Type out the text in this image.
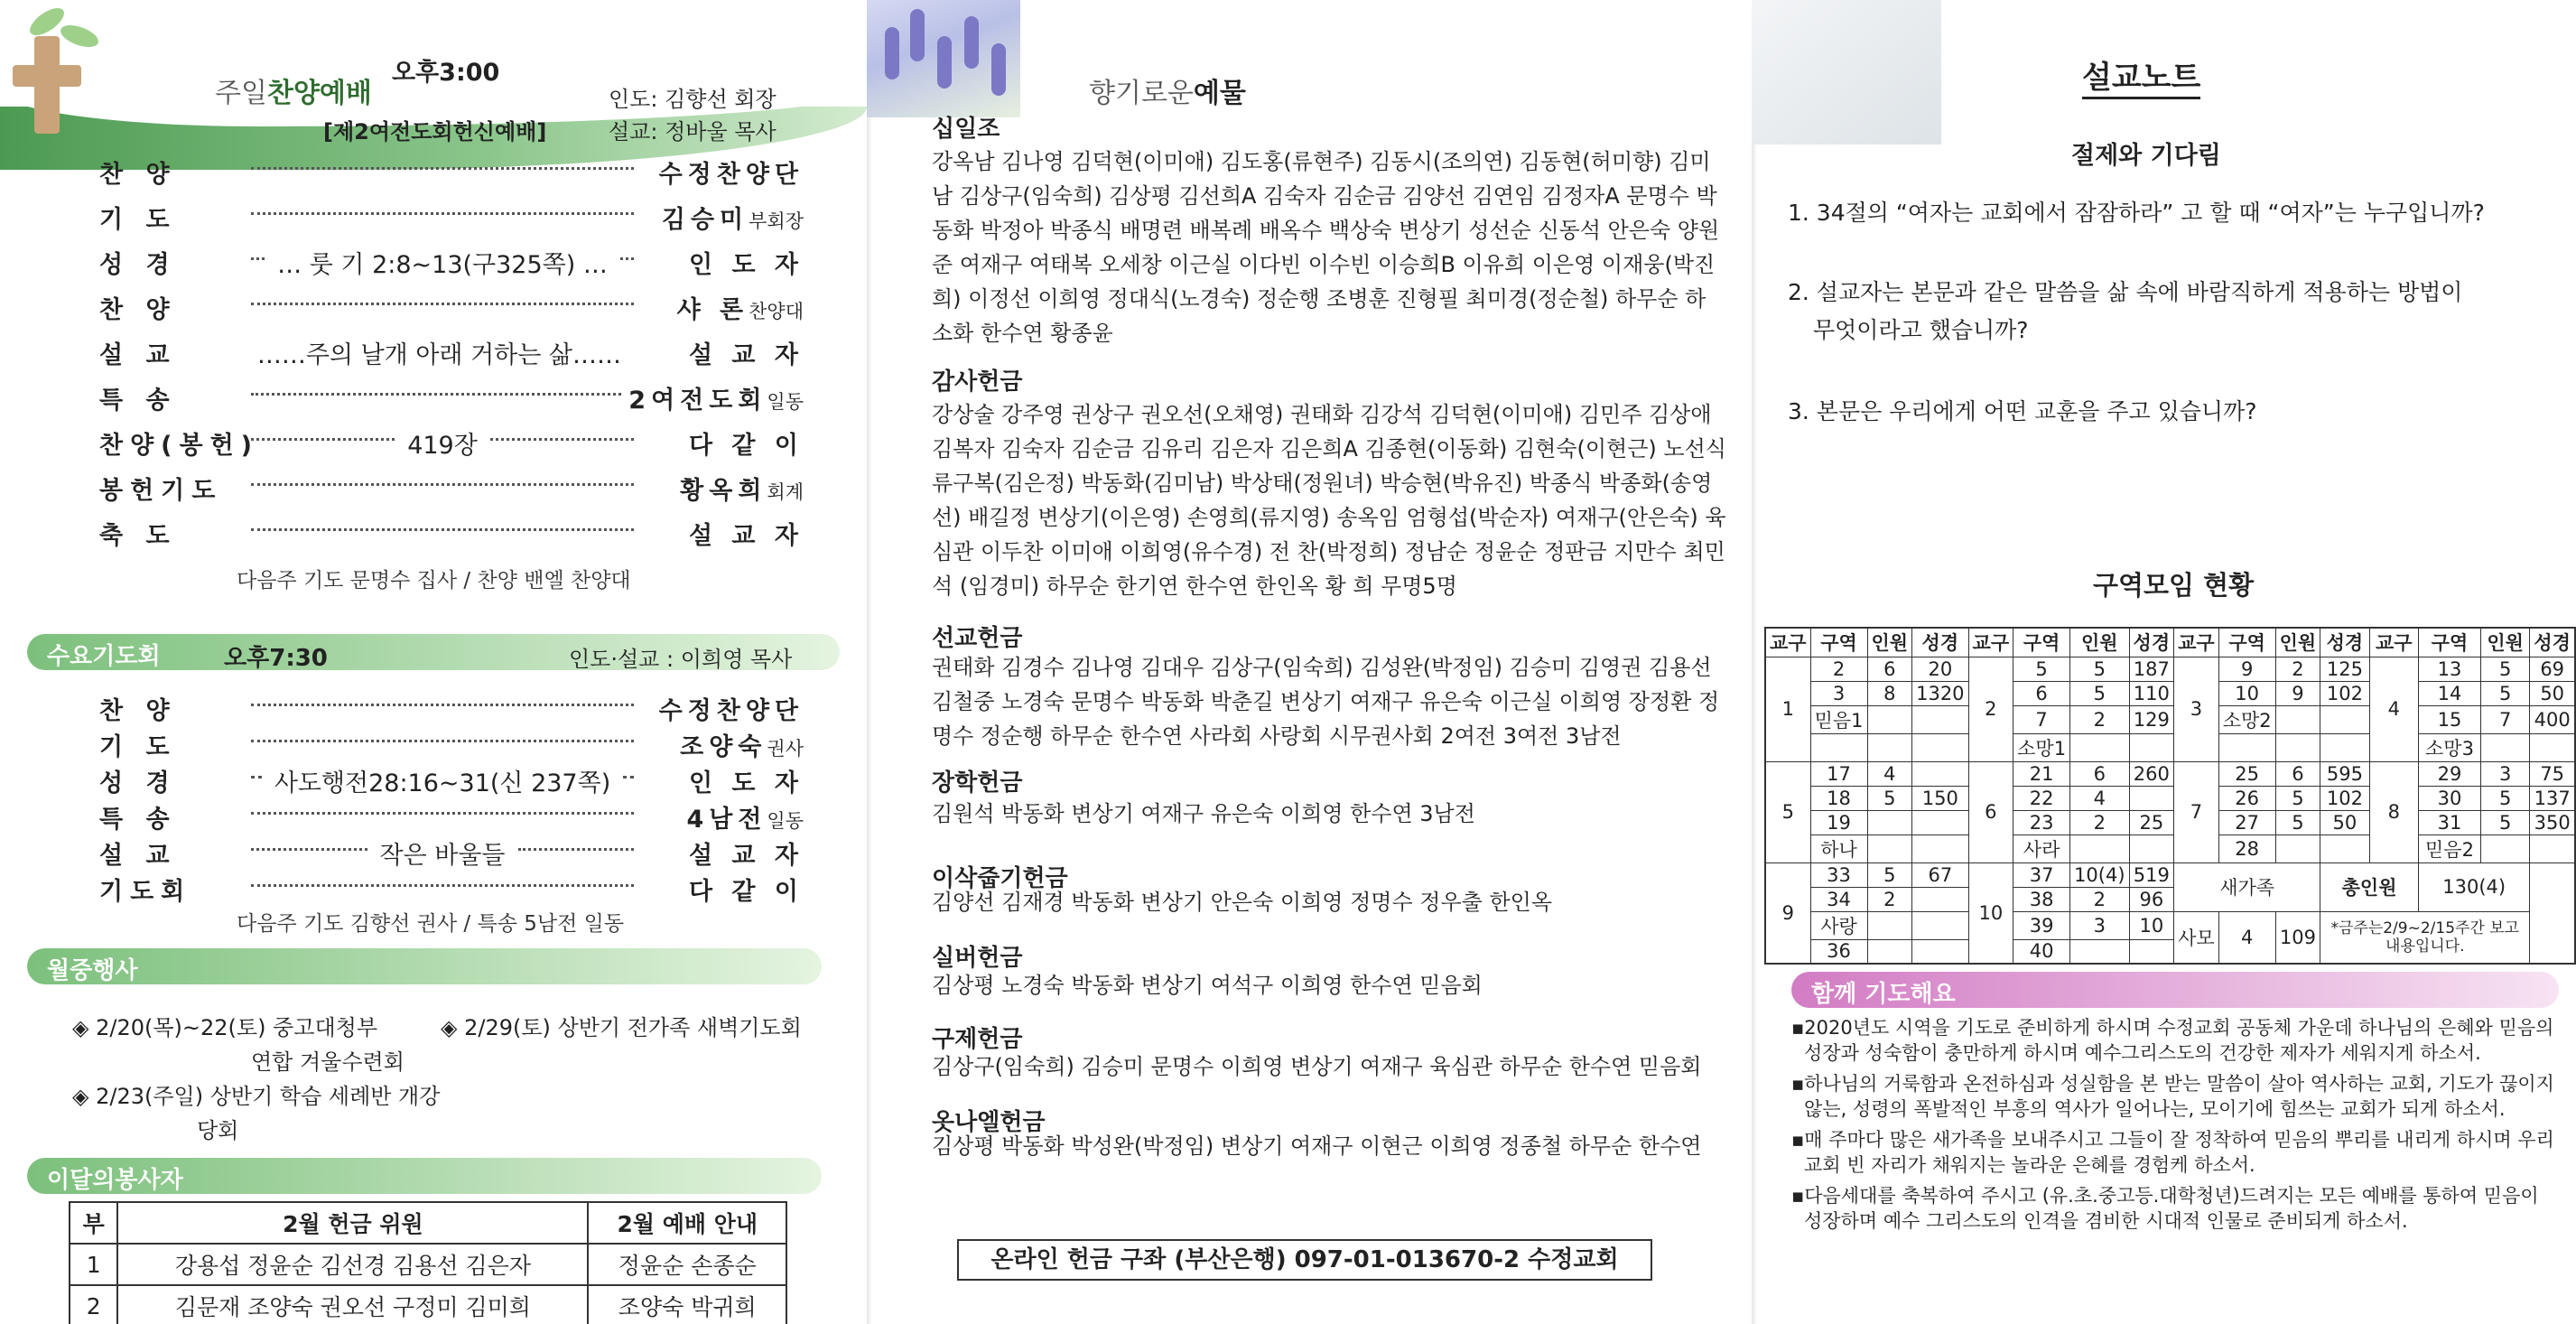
주일찬양예배
오후3:00
인도: 김향선 회장
[제2여전도회헌신예배]	설교: 정바울 목사
찬 양	수정찬양단
기 도	김승미부회장
성 경	… 룻 기 2:8~13(구325쪽) …	인 도 자
찬 양	샤 론찬양대
설 교	……주의 날개 아래 거하는 삶……	설 교 자
특 송	2여전도회일동
찬양(봉헌)	419장	다 같 이
봉헌기도	황옥희회계
축 도	설 교 자
다음주 기도 문명수 집사 / 찬양 밴엘 찬양대
수요기도회	오후7:30	인도·설교 : 이희영 목사
찬 양	수정찬양단
기 도	조양숙권사
성 경	사도행전28:16~31(신 237쪽)	인 도 자
특 송	4남전일동
설 교	작은 바울들	설 교 자
기도회	다 같 이
다음주 기도 김향선 권사 / 특송 5남전 일동
월중행사
◈ 2/20(목)~22(토) 중고대청부
연합 겨울수련회
◈ 2/29(토) 상반기 전가족 새벽기도회
◈ 2/23(주일) 상반기 학습 세례반 개강
당회
이달의봉사자
부	2월 헌금 위원	2월 예배 안내
1	강용섭 정윤순 김선경 김용선 김은자	정윤순 손종순
2	김문재 조양숙 권오선 구정미 김미희	조양숙 박귀희
향기로운예물
십일조
강옥남 김나영 김덕현(이미애) 김도홍(류현주) 김동시(조의연) 김동현(허미향) 김미남 김상구(임숙희) 김상평 김선희A 김숙자 김순금 김양선 김연임 김정자A 문명수 박동화 박정아 박종식 배명련 배복례 배옥수 백상숙 변상기 성선순 신동석 안은숙 양원준 여재구 여태복 오세창 이근실 이다빈 이수빈 이승희B 이유희 이은영 이재웅(박진희) 이정선 이희영 정대식(노경숙) 정순행 조병훈 진형필 최미경(정순철) 하무순 하소화 한수연 황종윤
감사헌금
강상술 강주영 권상구 권오선(오채영) 권태화 김강석 김덕현(이미애) 김민주 김상애 김복자 김숙자 김순금 김유리 김은자 김은희A 김종현(이동화) 김현숙(이현근) 노선식 류구복(김은정) 박동화(김미남) 박상태(정원녀) 박승현(박유진) 박종식 박종화(송영선) 배길정 변상기(이은영) 손영희(류지영) 송옥임 엄형섭(박순자) 여재구(안은숙) 육심관 이두찬 이미애 이희영(유수경) 전 찬(박정희) 정남순 정윤순 정판금 지만수 최민석 (임경미) 하무순 한기연 한수연 한인옥 황 희 무명5명
선교헌금
권태화 김경수 김나영 김대우 김상구(임숙희) 김성완(박정임) 김승미 김영권 김용선 김철중 노경숙 문명수 박동화 박춘길 변상기 여재구 유은숙 이근실 이희영 장정환 정명수 정순행 하무순 한수연 사라회 사랑회 시무권사회 2여전 3여전 3남전
장학헌금
김원석 박동화 변상기 여재구 유은숙 이희영 한수연 3남전
이삭줍기헌금
김양선 김재경 박동화 변상기 안은숙 이희영 정명수 정우출 한인옥
실버헌금
김상평 노경숙 박동화 변상기 여석구 이희영 한수연 믿음회
구제헌금
김상구(임숙희) 김승미 문명수 이희영 변상기 여재구 육심관 하무순 한수연 믿음회
옷나엘헌금
김상평 박동화 박성완(박정임) 변상기 여재구 이현근 이희영 정종철 하무순 한수연
온라인 헌금 구좌 (부산은행) 097-01-013670-2 수정교회
설교노트
절제와 기다림
1. 34절의 “여자는 교회에서 잠잠하라” 고 할 때 “여자”는 누구입니까?
2. 설교자는 본문과 같은 말씀을 삶 속에 바람직하게 적용하는 방법이
무엇이라고 했습니까?
3. 본문은 우리에게 어떤 교훈을 주고 있습니까?
구역모임 현황
교구	구역	인원	성경	교구	구역	인원	성경	교구	구역	인원	성경	교구	구역	인원	성경
1	2	6	20	2	5	5	187	3	9	2	125	4	13	5	69
	3	8	1320		6	5	110		10	9	102		14	5	50
	믿음1				7	2	129		소망2				15	7	400
					소망1								소망3		
5	17	4		6	21	6	260	7	25	6	595	8	29	3	75
	18	5	150		22	4			26	5	102		30	5	137
	19				23	2	25		27	5	50		31	5	350
	하나				사라				28				믿음2		
9	33	5	67	10	37	10(4)	519	새가족			총인원		130(4)		
	34	2			38	2	96								
	사랑				39	3	10	사모	4	109	*금주는2/9~2/15주간 보고 내용입니다.				
	36				40										
함께 기도해요
▪2020년도 시역을 기도로 준비하게 하시며 수정교회 공동체 가운데 하나님의 은혜와 믿음의 성장과 성숙함이 충만하게 하시며 예수그리스도의 건강한 제자가 세워지게 하소서.
▪하나님의 거룩함과 온전하심과 성실함을 본 받는 말씀이 살아 역사하는 교회, 기도가 끊이지 않는, 성령의 폭발적인 부흥의 역사가 일어나는, 모이기에 힘쓰는 교회가 되게 하소서.
▪매 주마다 많은 새가족을 보내주시고 그들이 잘 정착하여 믿음의 뿌리를 내리게 하시며 우리교회 빈 자리가 채워지는 놀라운 은혜를 경험케 하소서.
▪다음세대를 축복하여 주시고 (유.초.중고등.대학청년)드려지는 모든 예배를 통하여 믿음이 성장하며 예수 그리스도의 인격을 겸비한 시대적 인물로 준비되게 하소서.
